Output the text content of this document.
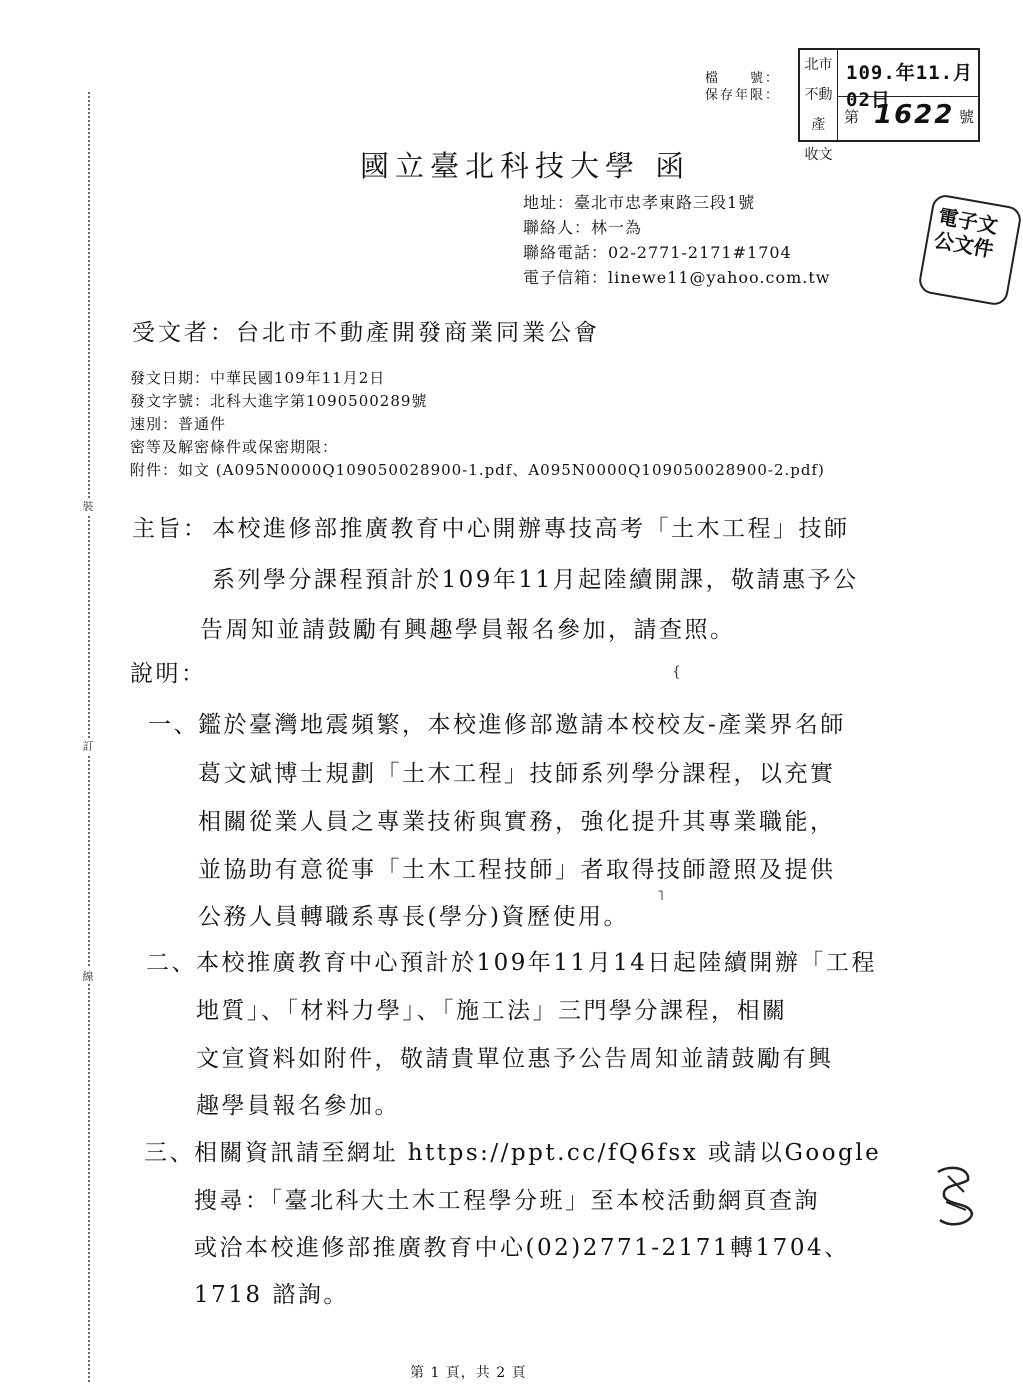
裝
訂
線
檔　　號：
保存年限：
北市
不動產
收文
109.年11.月02日
第 1622 號
電子文
公文件
國立臺北科技大學 函
地址：臺北市忠孝東路三段1號
聯絡人：林一為
聯絡電話：02-2771-2171#1704
電子信箱：linewe11@yahoo.com.tw
受文者：台北市不動產開發商業同業公會
發文日期：中華民國109年11月2日
發文字號：北科大進字第1090500289號
速別：普通件
密等及解密條件或保密期限：
附件：如文 (A095N0000Q109050028900-1.pdf、A095N0000Q109050028900-2.pdf)
主旨： 本校進修部推廣教育中心開辦專技高考「土木工程」技師
系列學分課程預計於109年11月起陸續開課，敬請惠予公
告周知並請鼓勵有興趣學員報名參加，請查照。
說明：	{
一、 鑑於臺灣地震頻繁，本校進修部邀請本校校友-產業界名師
葛文斌博士規劃「土木工程」技師系列學分課程，以充實
相關從業人員之專業技術與實務，強化提升其專業職能，
並協助有意從事「土木工程技師」者取得技師證照及提供
公務人員轉職系專長(學分)資歷使用。
˥
二、 本校推廣教育中心預計於109年11月14日起陸續開辦「工程
地質」、「材料力學」、「施工法」三門學分課程，相關
文宣資料如附件，敬請貴單位惠予公告周知並請鼓勵有興
趣學員報名參加。
三、 相關資訊請至網址 https://ppt.cc/fQ6fsx 或請以Google
搜尋：「臺北科大土木工程學分班」至本校活動網頁查詢
或洽本校進修部推廣教育中心(02)2771-2171轉1704、
1718 諮詢。
第 1 頁，共 2 頁
